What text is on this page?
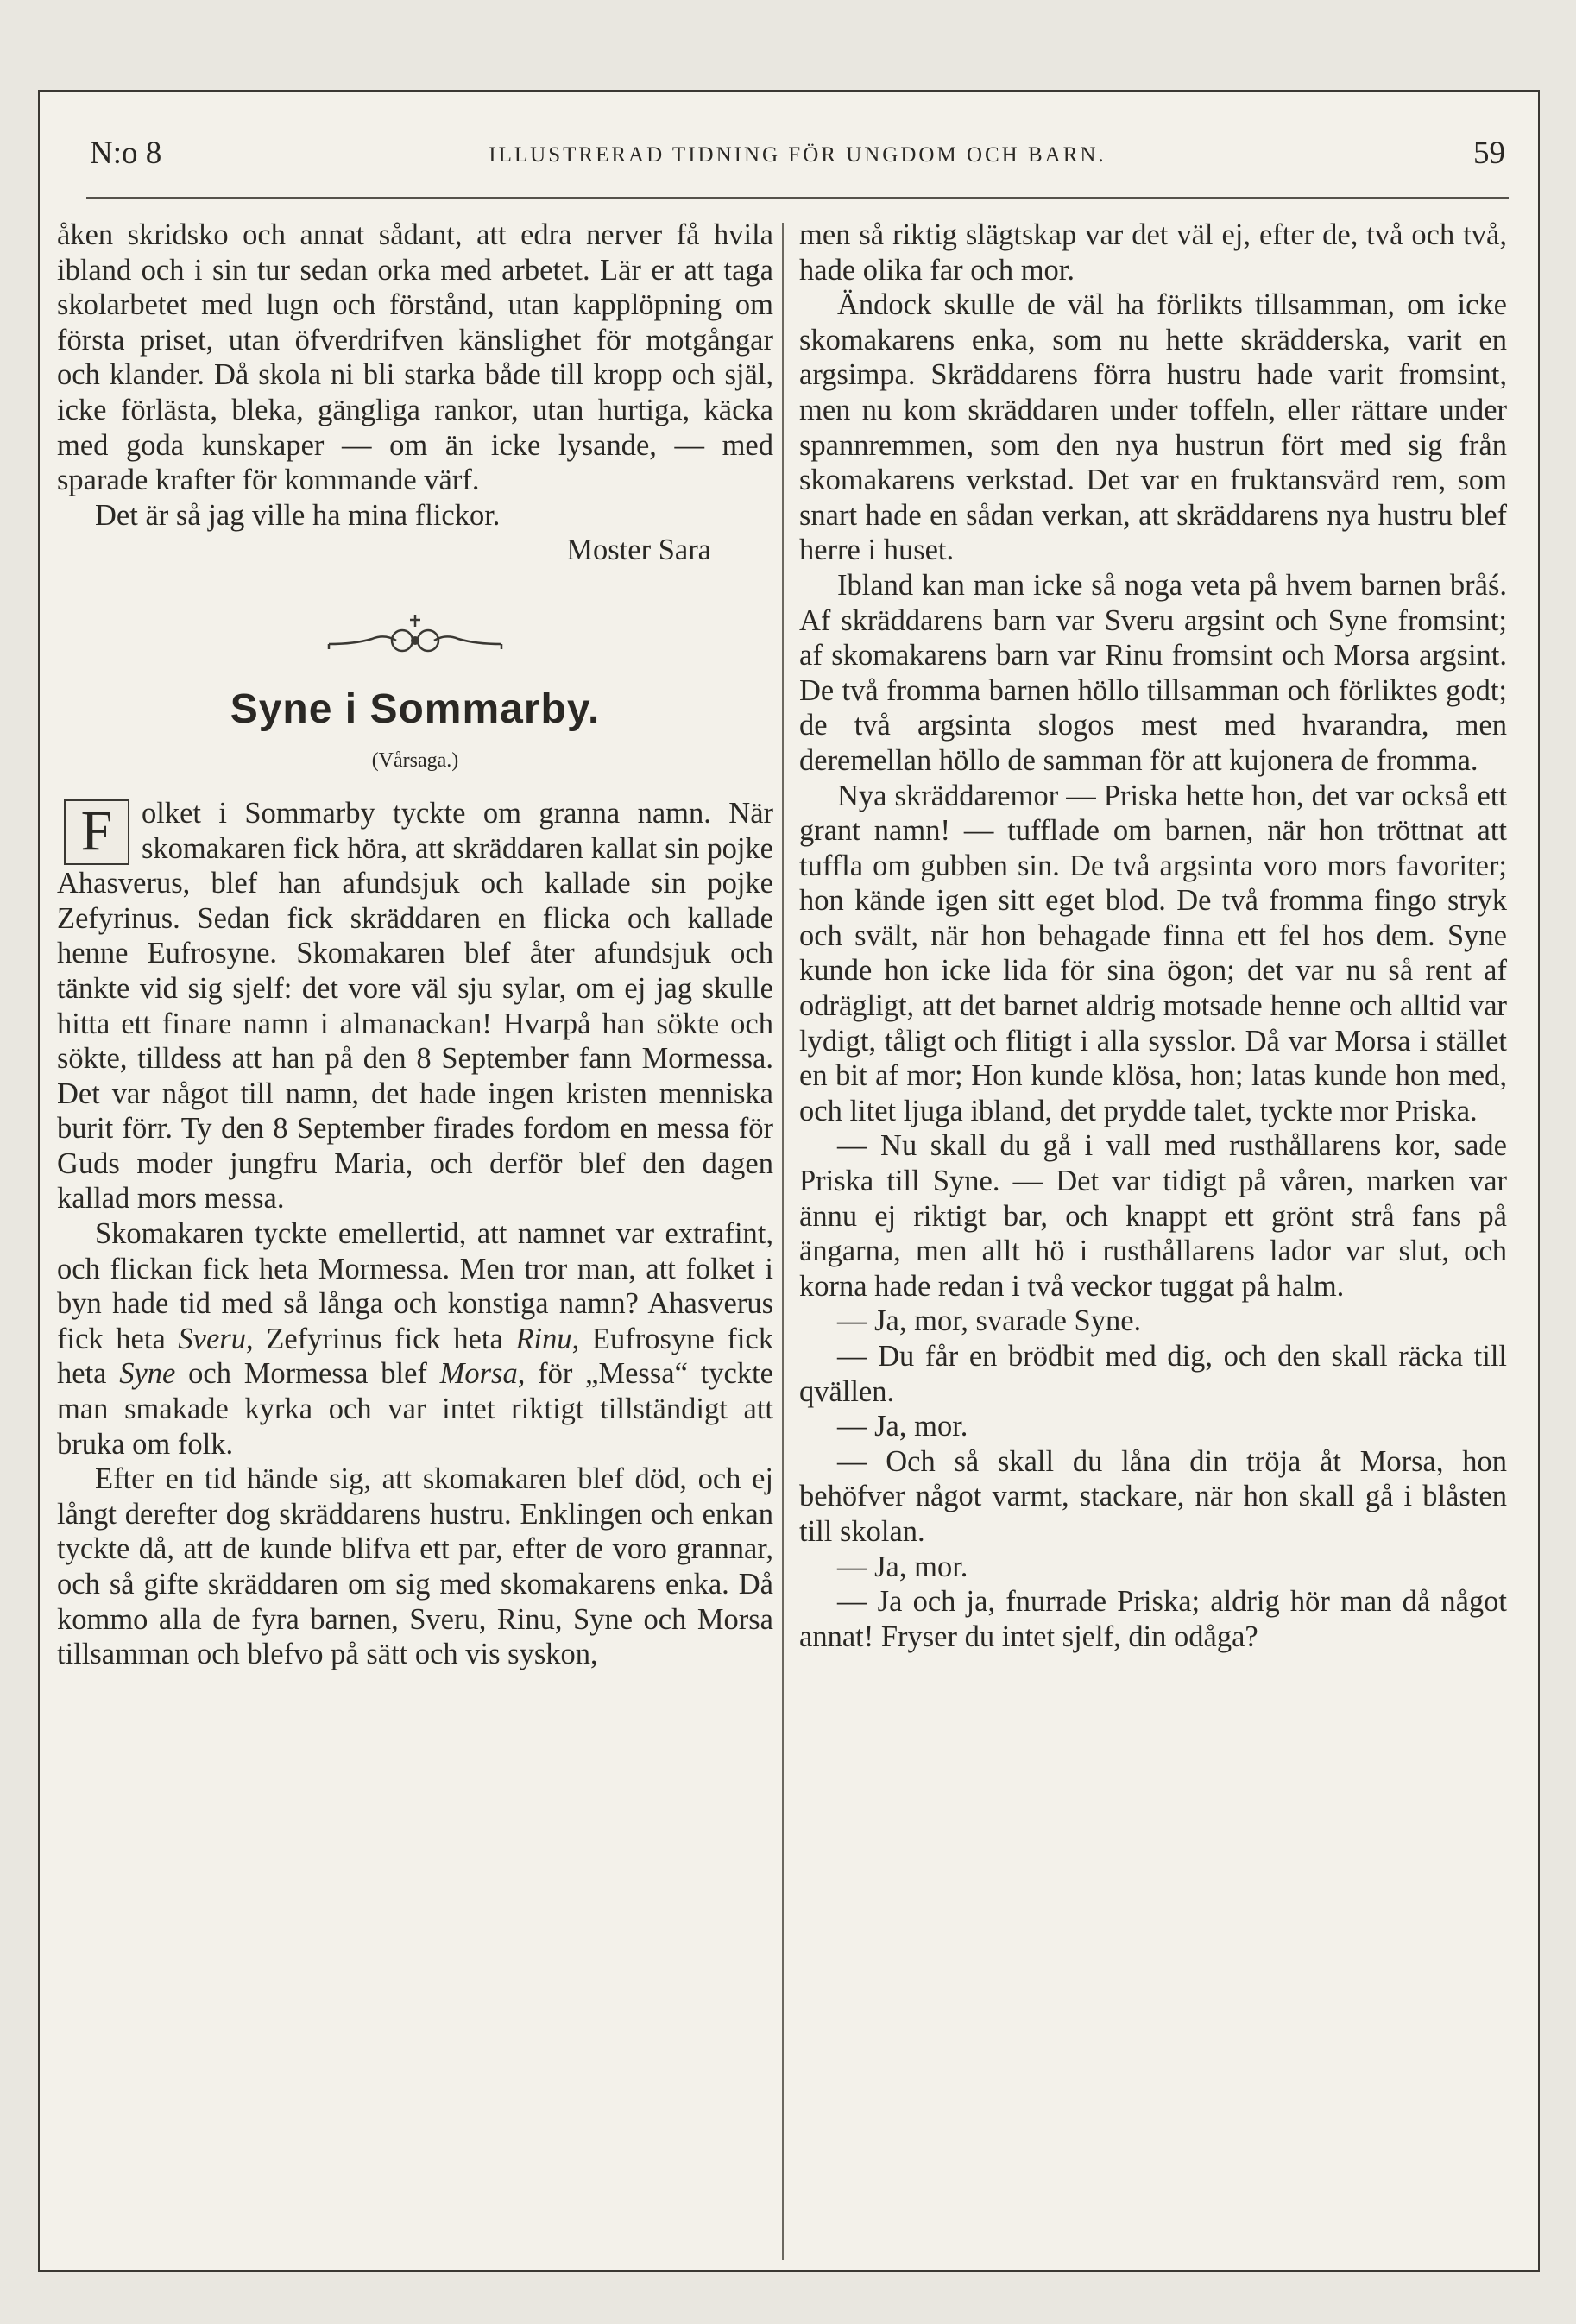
N:o 8	ILLUSTRERAD TIDNING FÖR UNGDOM OCH BARN.	59

åken skridsko och annat sådant, att edra nerver få hvila ibland och i sin tur sedan orka med arbetet. Lär er att taga skolarbetet med lugn och förstånd, utan kapplöpning om första priset, utan öfverdrifven känslighet för motgångar och klander. Då skola ni bli starka både till kropp och själ, icke förlästa, bleka, gängliga rankor, utan hurtiga, käcka med goda kunskaper — om än icke lysande, — med sparade krafter för kommande värf.

Det är så jag ville ha mina flickor.

Moster Sara

Syne i Sommarby.

(Vårsaga.)

F olket i Sommarby tyckte om granna namn. När skomakaren fick höra, att skräddaren kallat sin pojke Ahasverus, blef han afundsjuk och kallade sin pojke Zefyrinus. Sedan fick skräddaren en flicka och kallade henne Eufrosyne. Skomakaren blef åter afundsjuk och tänkte vid sig sjelf: det vore väl sju sylar, om ej jag skulle hitta ett finare namn i almanackan! Hvarpå han sökte och sökte, tilldess att han på den 8 September fann Mormessa. Det var något till namn, det hade ingen kristen menniska burit förr. Ty den 8 September firades fordom en messa för Guds moder jungfru Maria, och derför blef den dagen kallad mors messa.

Skomakaren tyckte emellertid, att namnet var extrafint, och flickan fick heta Mormessa. Men tror man, att folket i byn hade tid med så långa och konstiga namn? Ahasverus fick heta Sveru, Zefyrinus fick heta Rinu, Eufrosyne fick heta Syne och Mormessa blef Morsa, för „Messa“ tyckte man smakade kyrka och var intet riktigt tillständigt att bruka om folk.

Efter en tid hände sig, att skomakaren blef död, och ej långt derefter dog skräddarens hustru. Enklingen och enkan tyckte då, att de kunde blifva ett par, efter de voro grannar, och så gifte skräddaren om sig med skomakarens enka. Då kommo alla de fyra barnen, Sveru, Rinu, Syne och Morsa tillsamman och blefvo på sätt och vis syskon,

men så riktig slägtskap var det väl ej, efter de, två och två, hade olika far och mor.

Ändock skulle de väl ha förlikts tillsamman, om icke skomakarens enka, som nu hette skrädderska, varit en argsimpa. Skräddarens förra hustru hade varit fromsint, men nu kom skräddaren under toffeln, eller rättare under spannremmen, som den nya hustrun fört med sig från skomakarens verkstad. Det var en fruktansvärd rem, som snart hade en sådan verkan, att skräddarens nya hustru blef herre i huset.

Ibland kan man icke så noga veta på hvem barnen bråś. Af skräddarens barn var Sveru argsint och Syne fromsint; af skomakarens barn var Rinu fromsint och Morsa argsint. De två fromma barnen höllo tillsamman och förliktes godt; de två argsinta slogos mest med hvarandra, men deremellan höllo de samman för att kujonera de fromma.

Nya skräddaremor — Priska hette hon, det var också ett grant namn! — tufflade om barnen, när hon tröttnat att tuffla om gubben sin. De två argsinta voro mors favoriter; hon kände igen sitt eget blod. De två fromma fingo stryk och svält, när hon behagade finna ett fel hos dem. Syne kunde hon icke lida för sina ögon; det var nu så rent af odrägligt, att det barnet aldrig motsade henne och alltid var lydigt, tåligt och flitigt i alla sysslor. Då var Morsa i stället en bit af mor; Hon kunde klösa, hon; latas kunde hon med, och litet ljuga ibland, det prydde talet, tyckte mor Priska.

— Nu skall du gå i vall med rusthållarens kor, sade Priska till Syne. — Det var tidigt på våren, marken var ännu ej riktigt bar, och knappt ett grönt strå fans på ängarna, men allt hö i rusthållarens lador var slut, och korna hade redan i två veckor tuggat på halm.

— Ja, mor, svarade Syne.

— Du får en brödbit med dig, och den skall räcka till qvällen.

— Ja, mor.

— Och så skall du låna din tröja åt Morsa, hon behöfver något varmt, stackare, när hon skall gå i blåsten till skolan.

— Ja, mor.

— Ja och ja, fnurrade Priska; aldrig hör man då något annat! Fryser du intet sjelf, din odåga?
